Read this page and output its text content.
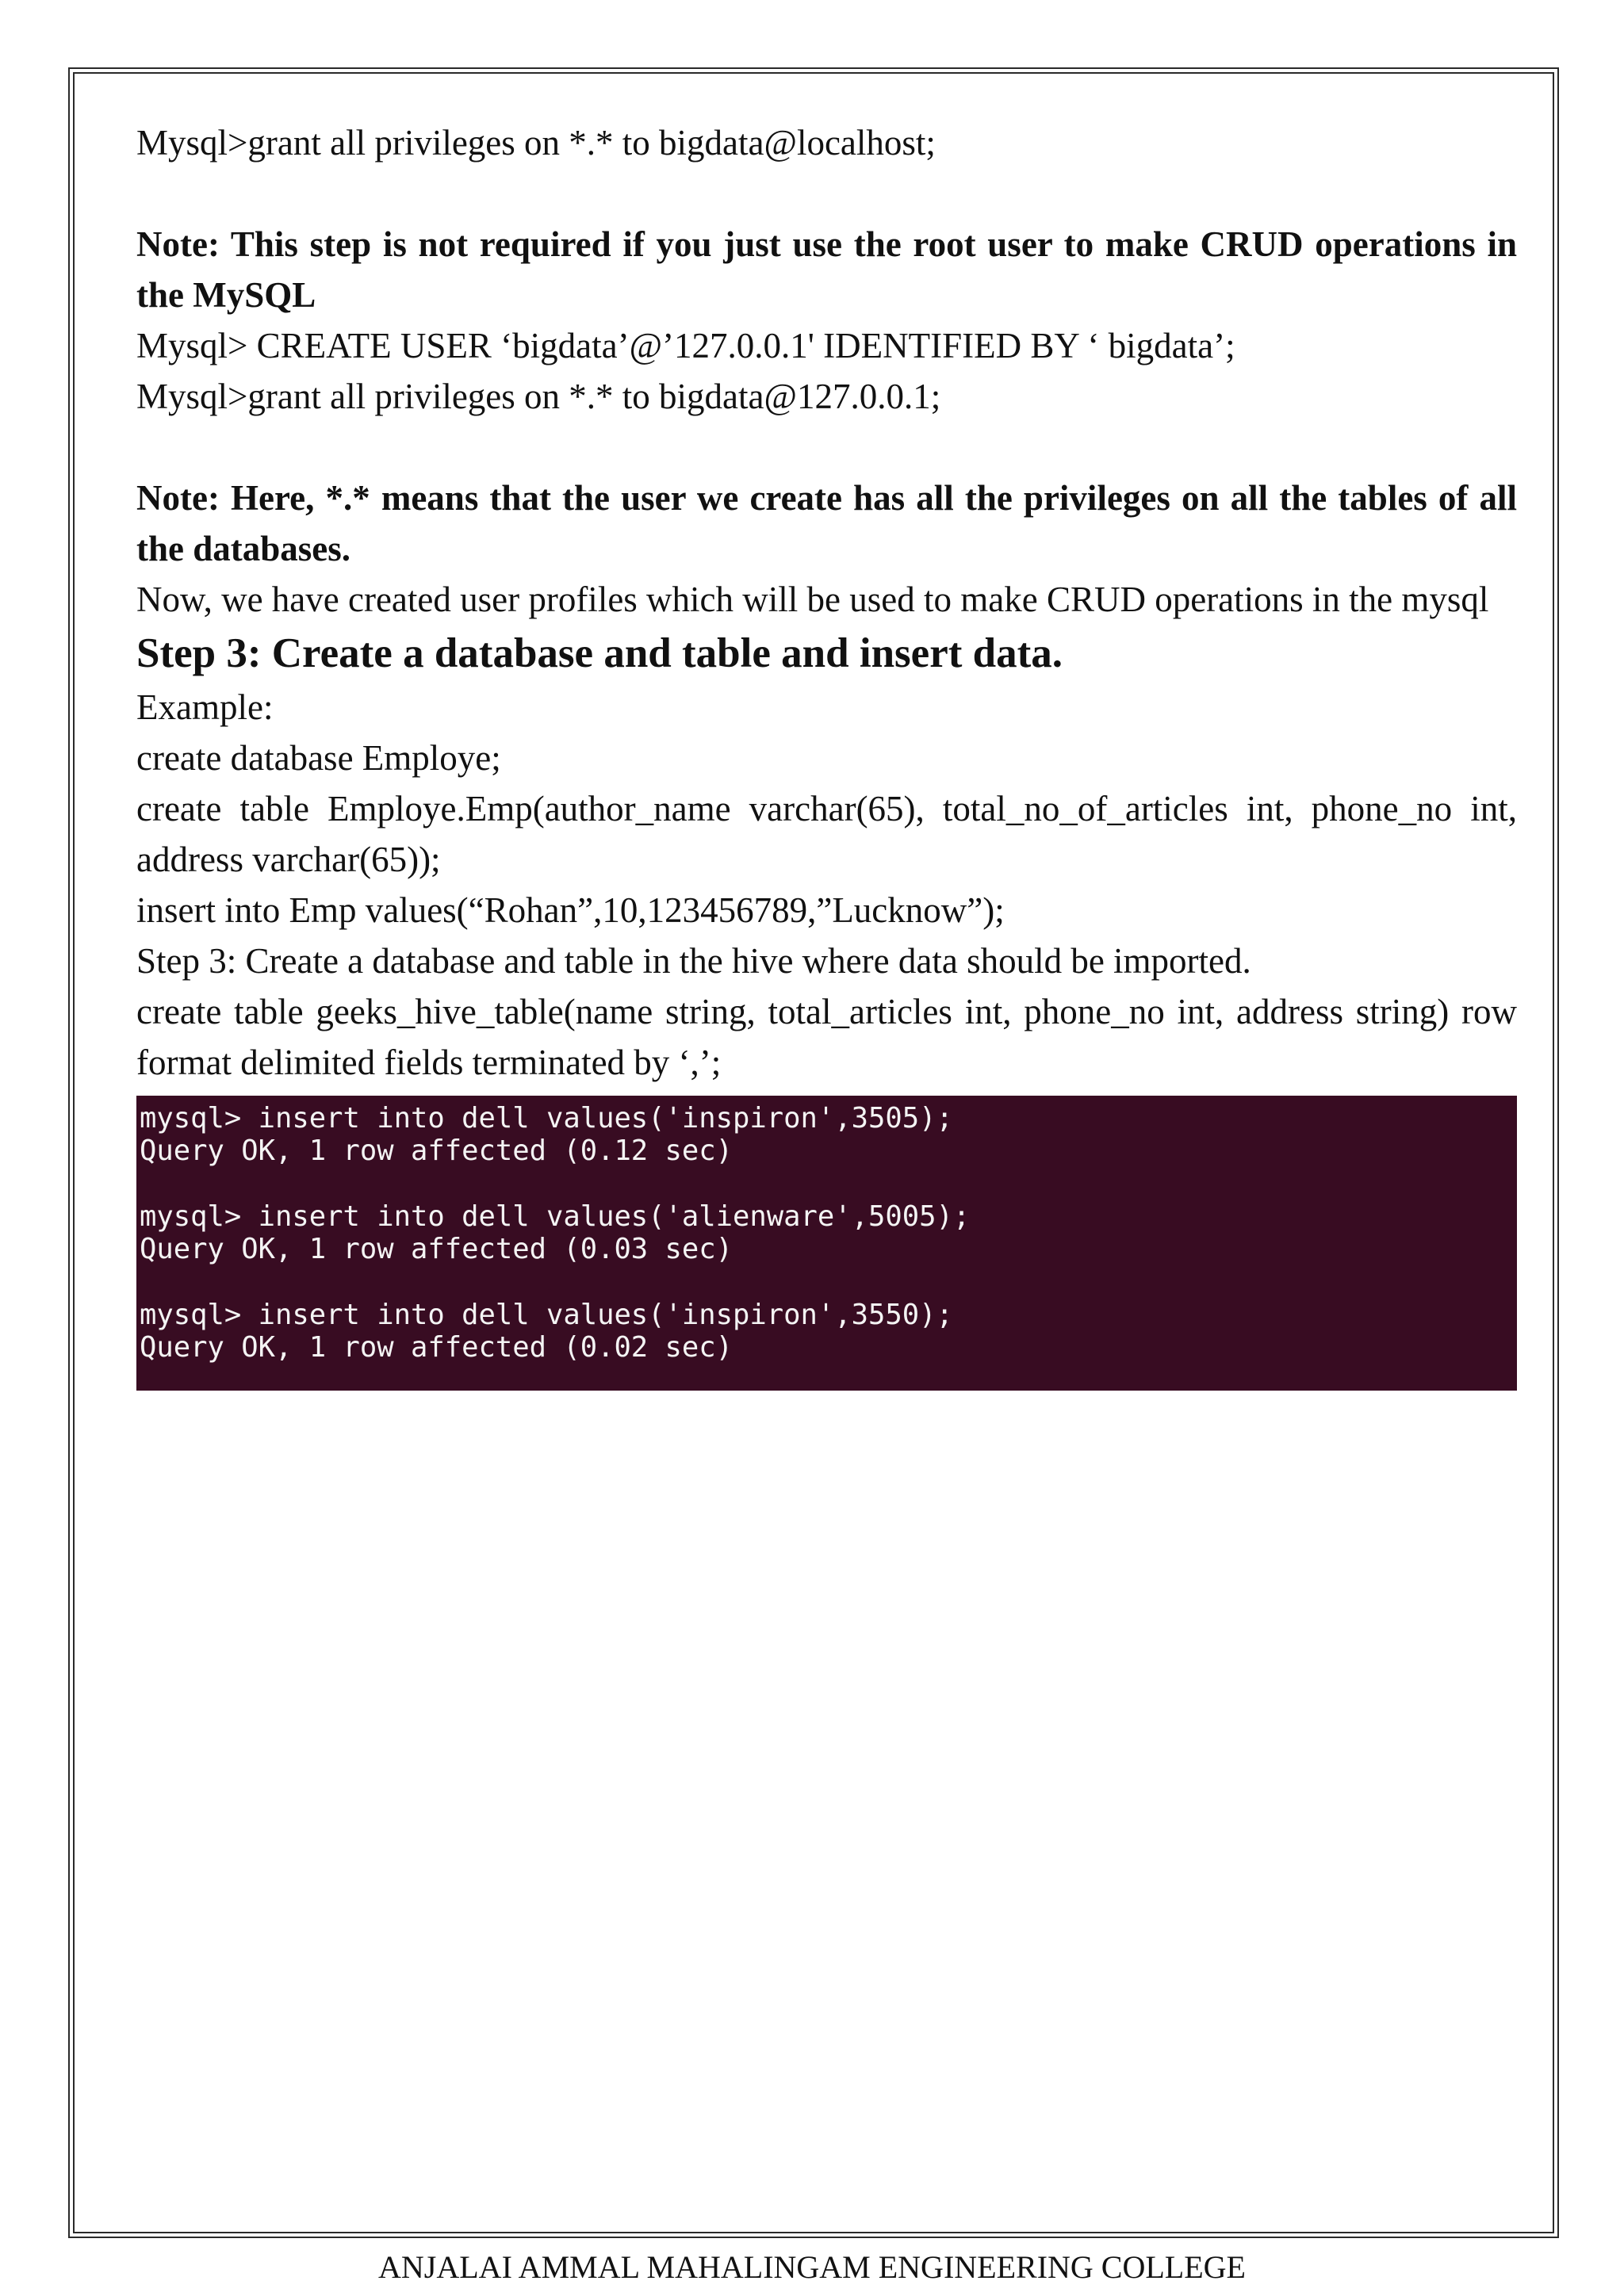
Mysql>grant all privileges on *.* to bigdata@localhost;

Note: This step is not required if you just use the root user to make CRUD operations in the MySQL

Mysql> CREATE USER ‘bigdata’@’127.0.0.1' IDENTIFIED BY ‘ bigdata’;

Mysql>grant all privileges on *.* to bigdata@127.0.0.1;

Note: Here, *.* means that the user we create has all the privileges on all the tables of all the databases.

Now, we have created user profiles which will be used to make CRUD operations in the mysql

Step 3: Create a database and table and insert data.

Example:

create database Employe;

create table Employe.Emp(author_name varchar(65), total_no_of_articles int, phone_no int, address varchar(65));

insert into Emp values(“Rohan”,10,123456789,”Lucknow”);

Step 3: Create a database and table in the hive where data should be imported.

create table geeks_hive_table(name string, total_articles int, phone_no int, address string) row format delimited fields terminated by ‘,’;

mysql> insert into dell values('inspiron',3505);
Query OK, 1 row affected (0.12 sec)
mysql> insert into dell values('alienware',5005);
Query OK, 1 row affected (0.03 sec)
mysql> insert into dell values('inspiron',3550);
Query OK, 1 row affected (0.02 sec)
ANJALAI AMMAL MAHALINGAM ENGINEERING COLLEGE
